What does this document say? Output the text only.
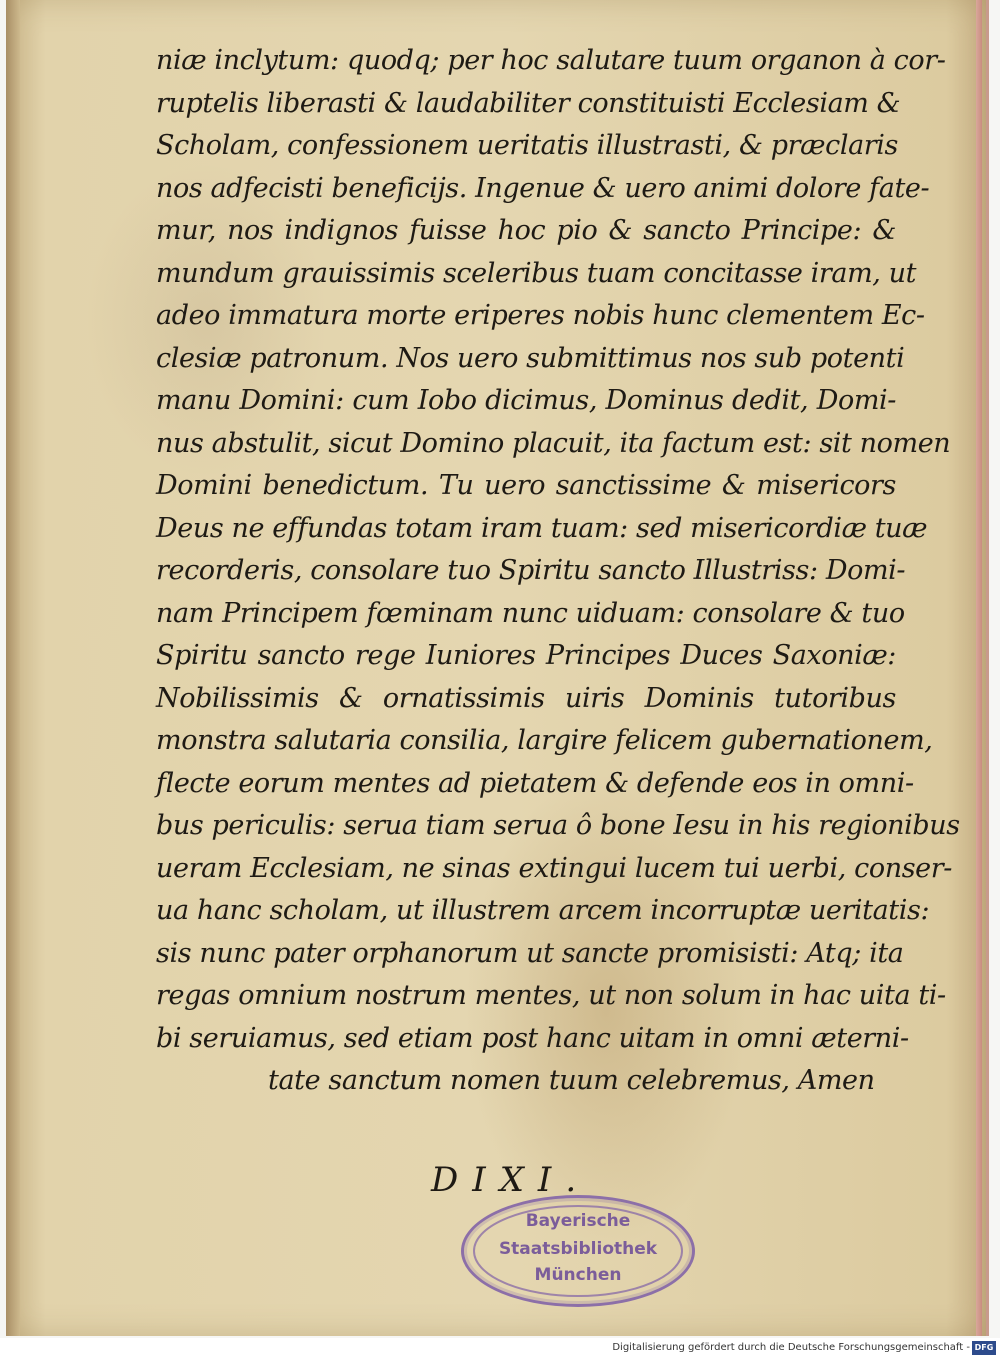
niæ inclytum: quodq; per hoc salutare tuum organon à cor-
ruptelis liberasti & laudabiliter constituisti Ecclesiam &
Scholam, confessionem ueritatis illustrasti, & præclaris
nos adfecisti beneficijs. Ingenue & uero animi dolore fate-
mur, nos indignos fuisse hoc pio & sancto Principe: &
mundum grauissimis sceleribus tuam concitasse iram, ut
adeo immatura morte eriperes nobis hunc clementem Ec-
clesiæ patronum. Nos uero submittimus nos sub potenti
manu Domini: cum Iobo dicimus, Dominus dedit, Domi-
nus abstulit, sicut Domino placuit, ita factum est: sit nomen
Domini benedictum. Tu uero sanctissime & misericors
Deus ne effundas totam iram tuam: sed misericordiæ tuæ
recorderis, consolare tuo Spiritu sancto Illustriss: Domi-
nam Principem fœminam nunc uiduam: consolare & tuo
Spiritu sancto rege Iuniores Principes Duces Saxoniæ:
Nobilissimis & ornatissimis uiris Dominis tutoribus
monstra salutaria consilia, largire felicem gubernationem,
flecte eorum mentes ad pietatem & defende eos in omni-
bus periculis: serua tiam serua ô bone Iesu in his regionibus
ueram Ecclesiam, ne sinas extingui lucem tui uerbi, conser-
ua hanc scholam, ut illustrem arcem incorruptæ ueritatis:
sis nunc pater orphanorum ut sancte promisisti: Atq; ita
regas omnium nostrum mentes, ut non solum in hac uita ti-
bi seruiamus, sed etiam post hanc uitam in omni æterni-
tate sanctum nomen tuum celebremus, Amen
DIXI.
Bayerische
Staatsbibliothek
München
Digitalisierung gefördert durch die Deutsche Forschungsgemeinschaft - DFG
